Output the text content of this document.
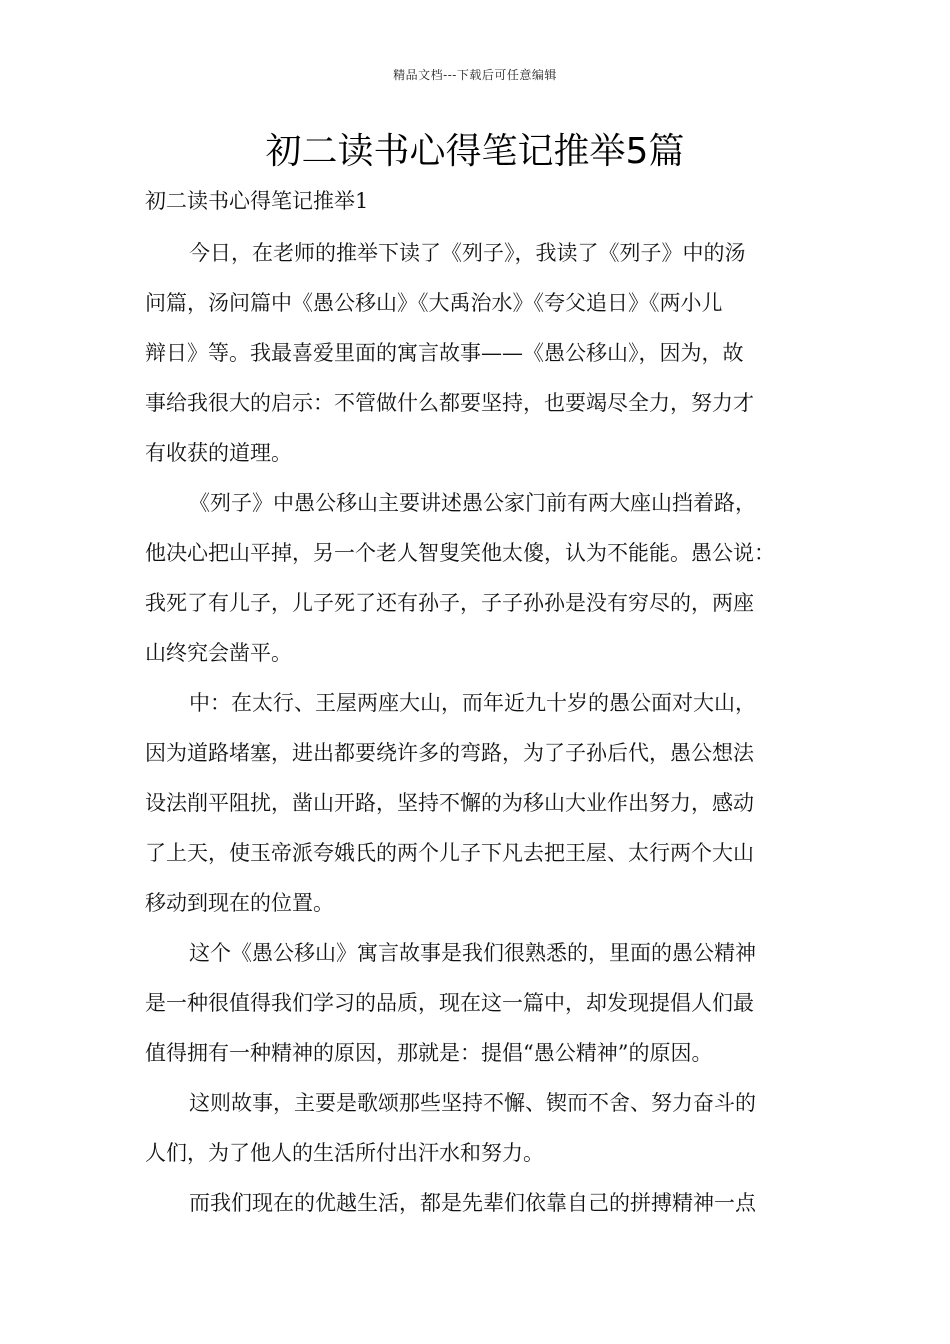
精品文档---下载后可任意编辑
初二读书心得笔记推举5篇
初二读书心得笔记推举1
今日，在老师的推举下读了《列子》，我读了《列子》中的汤
问篇，汤问篇中《愚公移山》《大禹治水》《夸父追日》《两小儿
辩日》等。我最喜爱里面的寓言故事——《愚公移山》，因为，故
事给我很大的启示：不管做什么都要坚持，也要竭尽全力，努力才
有收获的道理。
《列子》中愚公移山主要讲述愚公家门前有两大座山挡着路，
他决心把山平掉，另一个老人智叟笑他太傻，认为不能能。愚公说：
我死了有儿子，儿子死了还有孙子，子子孙孙是没有穷尽的，两座
山终究会凿平。
中：在太行、王屋两座大山，而年近九十岁的愚公面对大山，
因为道路堵塞，进出都要绕许多的弯路，为了子孙后代，愚公想法
设法削平阻扰，凿山开路，坚持不懈的为移山大业作出努力，感动
了上天，使玉帝派夸娥氏的两个儿子下凡去把王屋、太行两个大山
移动到现在的位置。
这个《愚公移山》寓言故事是我们很熟悉的，里面的愚公精神
是一种很值得我们学习的品质，现在这一篇中，却发现提倡人们最
值得拥有一种精神的原因，那就是：提倡“愚公精神”的原因。
这则故事，主要是歌颂那些坚持不懈、锲而不舍、努力奋斗的
人们，为了他人的生活所付出汗水和努力。
而我们现在的优越生活，都是先辈们依靠自己的拼搏精神一点
